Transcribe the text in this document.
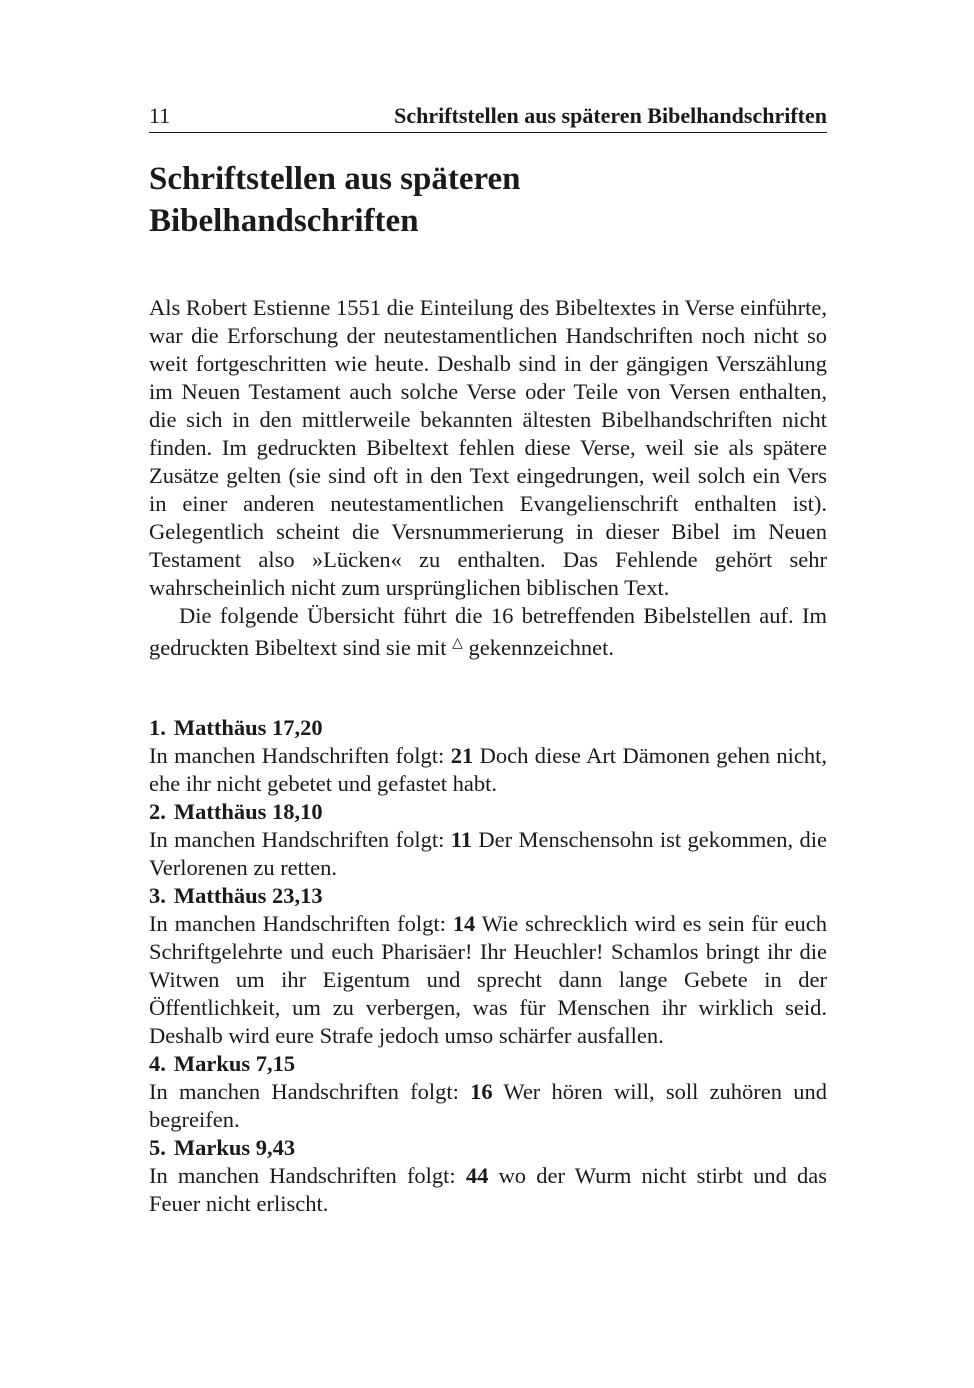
11	Schriftstellen aus späteren Bibelhandschriften
Schriftstellen aus späteren
Bibelhandschriften

Als Robert Estienne 1551 die Einteilung des Bibeltextes in Verse einführte, war die Erforschung der neutestamentlichen Handschriften noch nicht so weit fortgeschritten wie heute. Deshalb sind in der gängigen Verszählung im Neuen Testament auch solche Verse oder Teile von Versen enthalten, die sich in den mittlerweile bekannten ältesten Bibelhandschriften nicht finden. Im gedruckten Bibeltext fehlen diese Verse, weil sie als spätere Zusätze gelten (sie sind oft in den Text eingedrungen, weil solch ein Vers in einer anderen neutestamentlichen Evangelienschrift enthalten ist). Gelegentlich scheint die Versnummerierung in dieser Bibel im Neuen Testament also »Lücken« zu enthalten. Das Fehlende gehört sehr wahrscheinlich nicht zum ursprünglichen biblischen Text.

Die folgende Übersicht führt die 16 betreffenden Bibelstellen auf. Im gedruckten Bibeltext sind sie mit △ gekennzeichnet.

1. Matthäus 17,20

In manchen Handschriften folgt: 21 Doch diese Art Dämonen gehen nicht, ehe ihr nicht gebetet und gefastet habt.

2. Matthäus 18,10

In manchen Handschriften folgt: 11 Der Menschensohn ist gekommen, die Verlorenen zu retten.

3. Matthäus 23,13

In manchen Handschriften folgt: 14 Wie schrecklich wird es sein für euch Schriftgelehrte und euch Pharisäer! Ihr Heuchler! Schamlos bringt ihr die Witwen um ihr Eigentum und sprecht dann lange Gebete in der Öffentlichkeit, um zu verbergen, was für Menschen ihr wirklich seid. Deshalb wird eure Strafe jedoch umso schärfer ausfallen.

4. Markus 7,15

In manchen Handschriften folgt: 16 Wer hören will, soll zuhören und begreifen.

5. Markus 9,43

In manchen Handschriften folgt: 44 wo der Wurm nicht stirbt und das Feuer nicht erlischt.
